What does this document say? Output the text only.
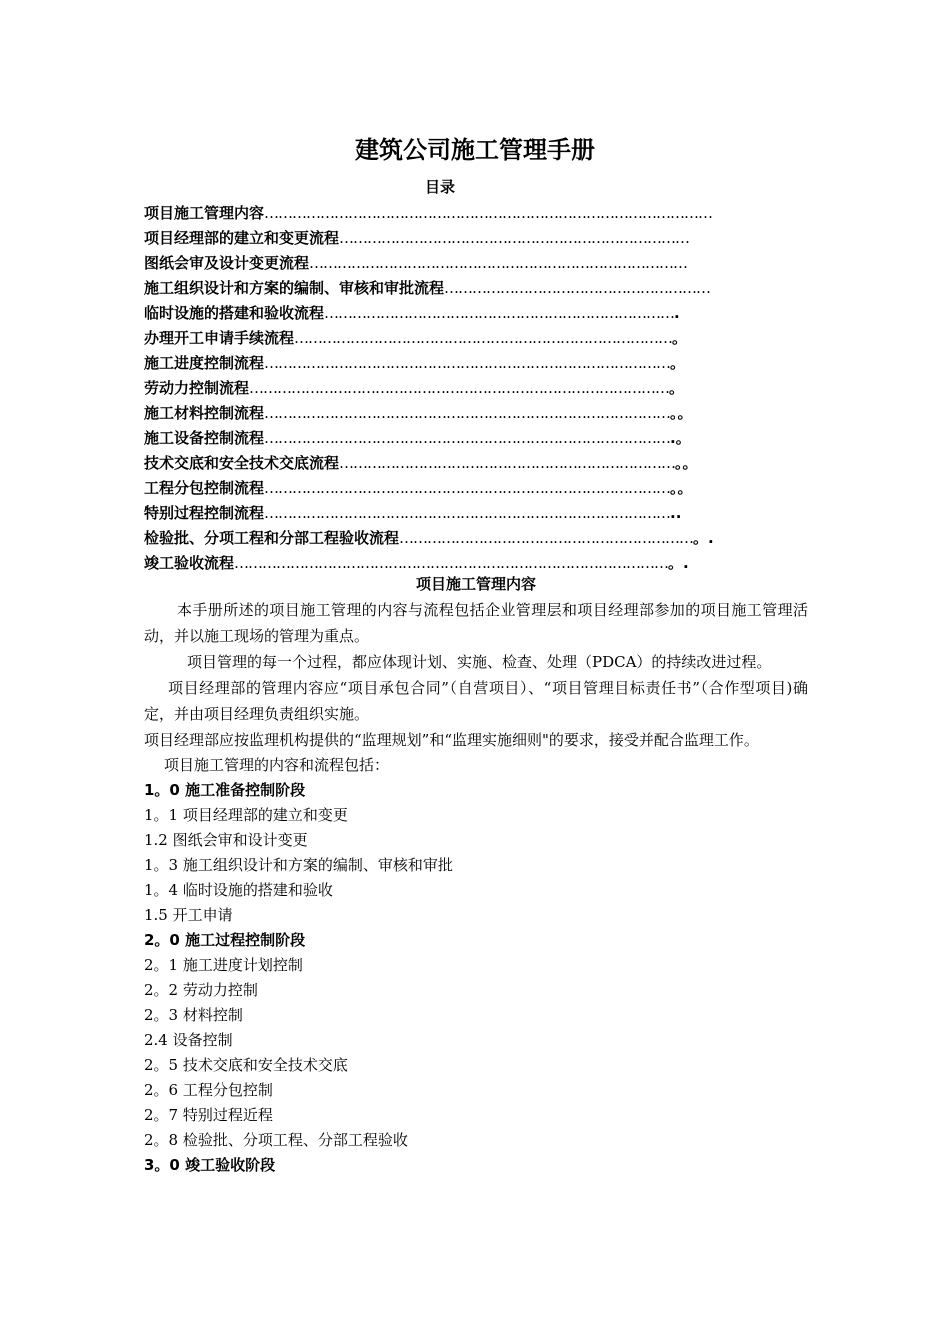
建筑公司施工管理手册
目录
项目施工管理内容……………………………………………………………………………………
项目经理部的建立和变更流程…………………………………………………………………
图纸会审及设计变更流程………………………………………………………………………
施工组织设计和方案的编制、审核和审批流程…………………………………………………
临时设施的搭建和验收流程………………………………………………………………….
办理开工申请手续流程………………………………………………………………………。
施工进度控制流程……………………………………………………………………………。
劳动力控制流程………………………………………………………………………………。
施工材料控制流程……………………………………………………………………………。。
施工设备控制流程…………………………………………………………………………….。
技术交底和安全技术交底流程………………………………………………………………。。
工程分包控制流程……………………………………………………………………………。。
特别过程控制流程……………………………………………………………………………..
检验批、分项工程和分部工程验收流程………………………………………………………。.
竣工验收流程…………………………………………………………………………………。.
项目施工管理内容

本手册所述的项目施工管理的内容与流程包括企业管理层和项目经理部参加的项目施工管理活动，并以施工现场的管理为重点。

项目管理的每一个过程，都应体现计划、实施、检查、处理（PDCA）的持续改进过程。

项目经理部的管理内容应“项目承包合同”（自营项目）、“项目管理目标责任书”（合作型项目)确定，并由项目经理负责组织实施。

项目经理部应按监理机构提供的“监理规划”和“监理实施细则"的要求，接受并配合监理工作。

项目施工管理的内容和流程包括：
1。0 施工准备控制阶段
1。1 项目经理部的建立和变更
1.2 图纸会审和设计变更
1。3 施工组织设计和方案的编制、审核和审批
1。4 临时设施的搭建和验收
1.5 开工申请
2。0 施工过程控制阶段
2。1 施工进度计划控制
2。2 劳动力控制
2。3 材料控制
2.4 设备控制
2。5 技术交底和安全技术交底
2。6 工程分包控制
2。7 特别过程近程
2。8 检验批、分项工程、分部工程验收
3。0 竣工验收阶段
